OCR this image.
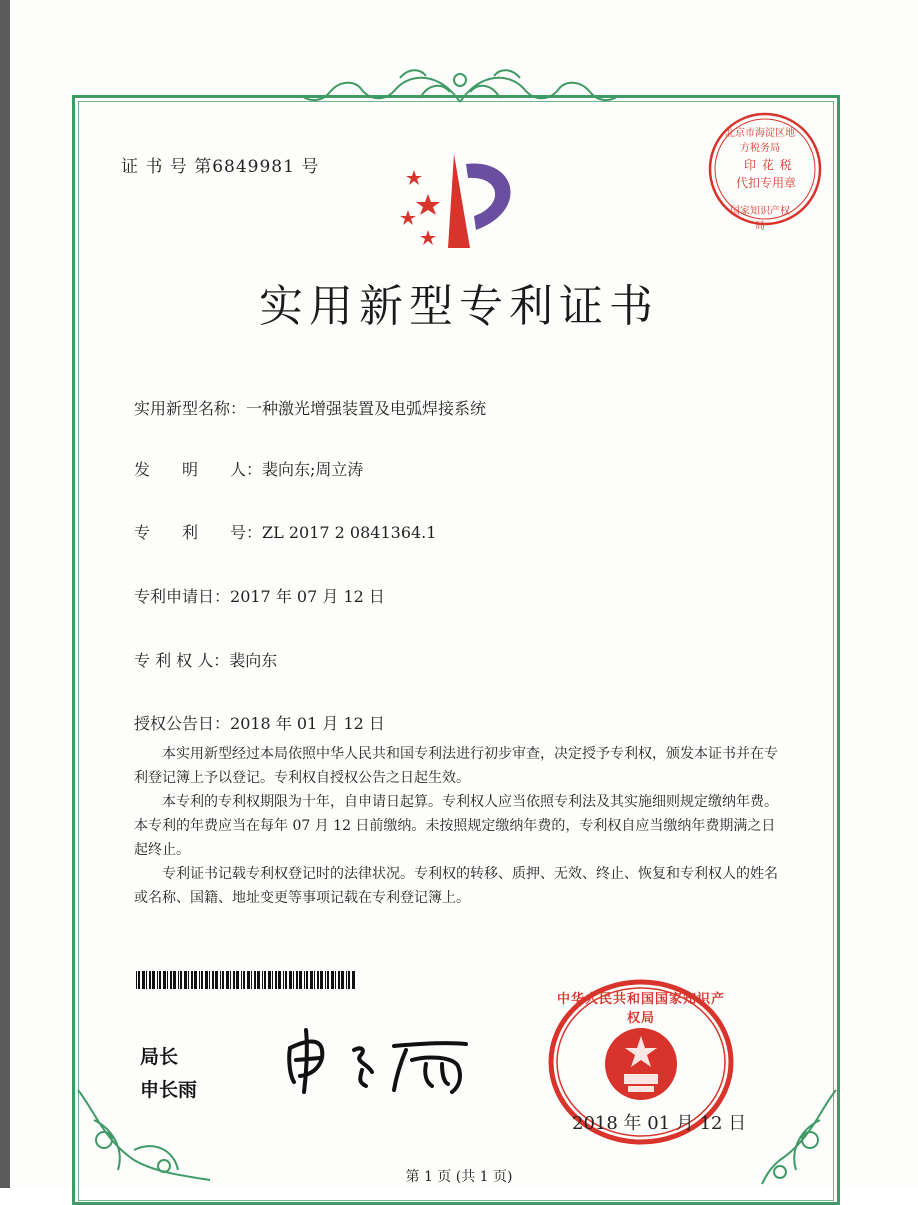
证 书 号 第6849981 号	印 花 税
代扣专用章
北京市海淀区地方税务局
国家知识产权局
实用新型专利证书
实用新型名称：一种激光增强装置及电弧焊接系统
发　　明　　人：裴向东;周立涛
专　　利　　号：ZL 2017 2 0841364.1
专利申请日：2017 年 07 月 12 日
专 利 权 人：裴向东
授权公告日：2018 年 01 月 12 日

本实用新型经过本局依照中华人民共和国专利法进行初步审查，决定授予专利权，颁发本证书并在专利登记簿上予以登记。专利权自授权公告之日起生效。

本专利的专利权期限为十年，自申请日起算。专利权人应当依照专利法及其实施细则规定缴纳年费。本专利的年费应当在每年 07 月 12 日前缴纳。未按照规定缴纳年费的，专利权自应当缴纳年费期满之日起终止。

专利证书记载专利权登记时的法律状况。专利权的转移、质押、无效、终止、恢复和专利权人的姓名或名称、国籍、地址变更等事项记载在专利登记簿上。

局长
申长雨
中华人民共和国国家知识产权局
2018 年 01 月 12 日
第 1 页 (共 1 页)
